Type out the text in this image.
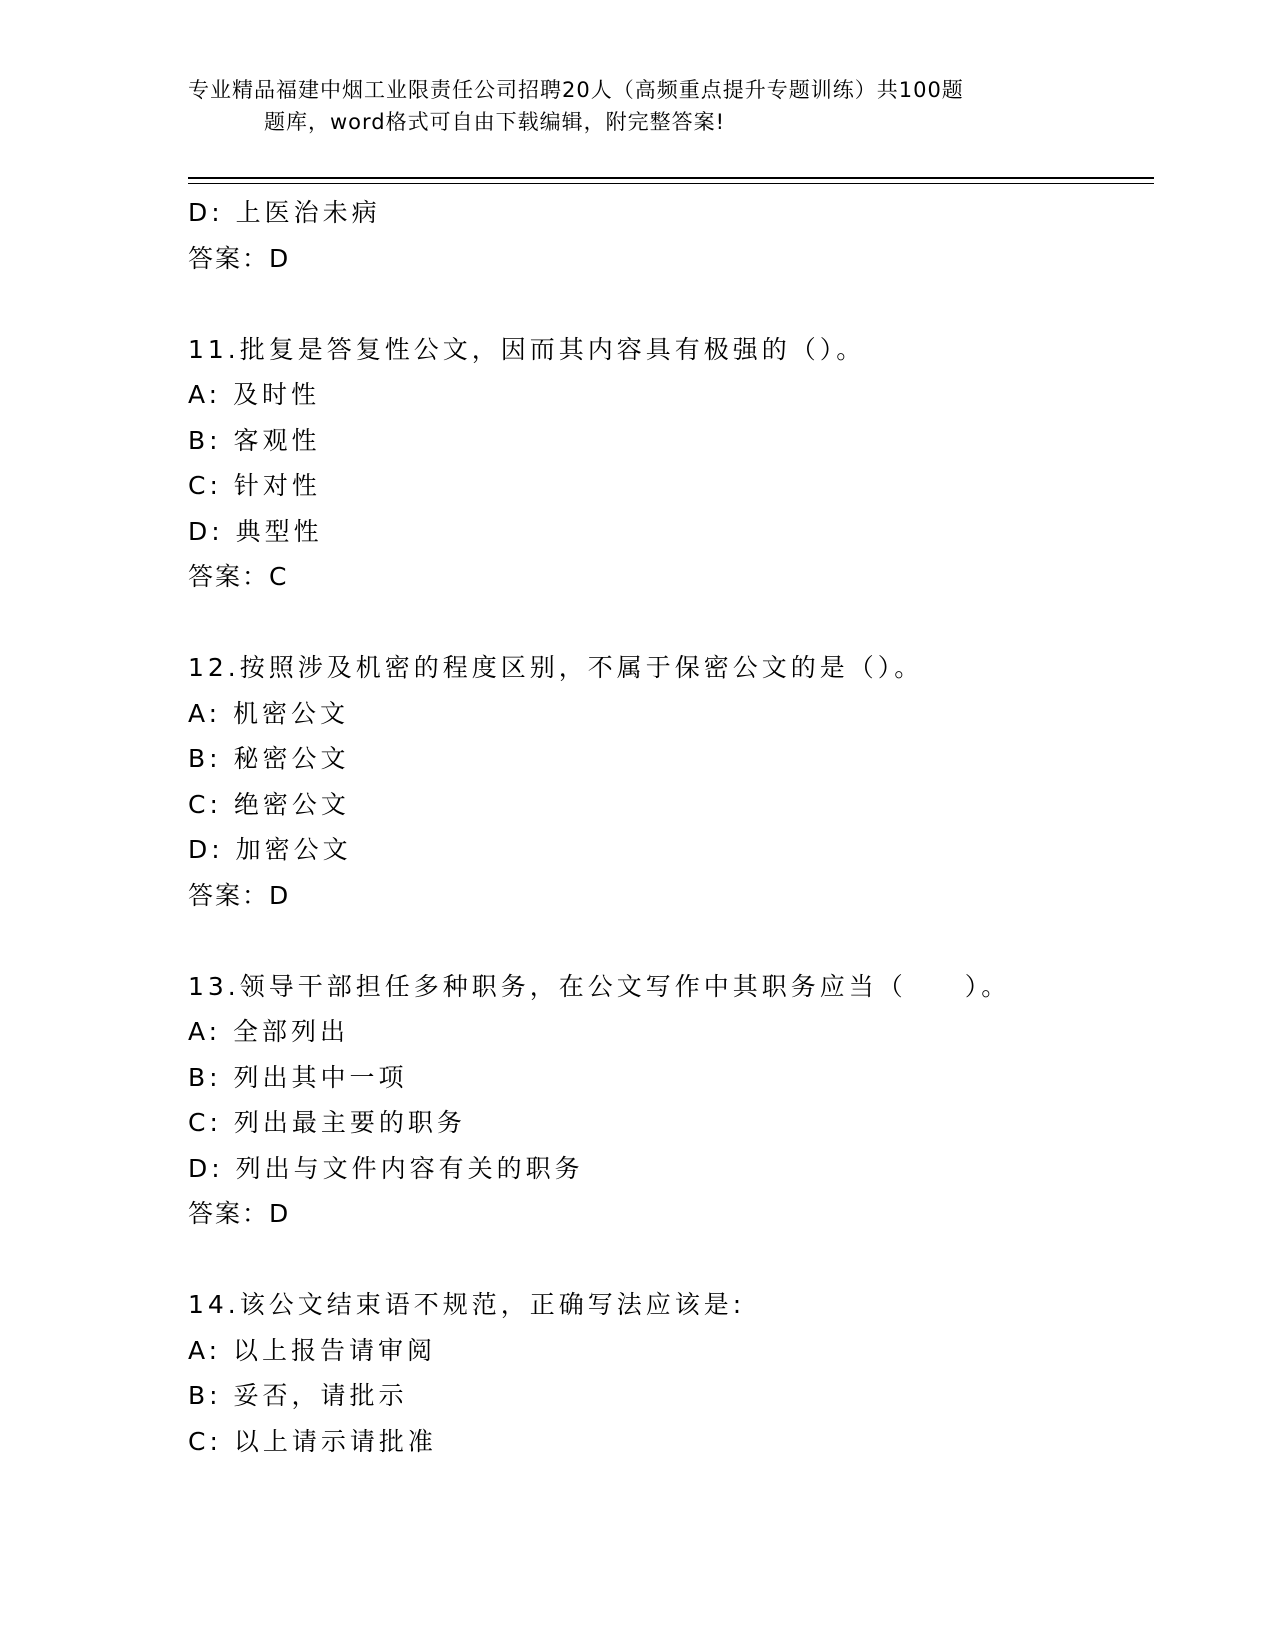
专业精品福建中烟工业限责任公司招聘20人（高频重点提升专题训练）共100题
题库，word格式可自由下载编辑，附完整答案!
D: 上医治未病
答案：D
11.批复是答复性公文，因而其内容具有极强的（）。
A: 及时性
B: 客观性
C: 针对性
D: 典型性
答案：C
12.按照涉及机密的程度区别，不属于保密公文的是（）。
A: 机密公文
B: 秘密公文
C: 绝密公文
D: 加密公文
答案：D
13.领导干部担任多种职务，在公文写作中其职务应当（　　）。
A: 全部列出
B: 列出其中一项
C: 列出最主要的职务
D: 列出与文件内容有关的职务
答案：D
14.该公文结束语不规范，正确写法应该是:
A: 以上报告请审阅
B: 妥否，请批示
C: 以上请示请批准
